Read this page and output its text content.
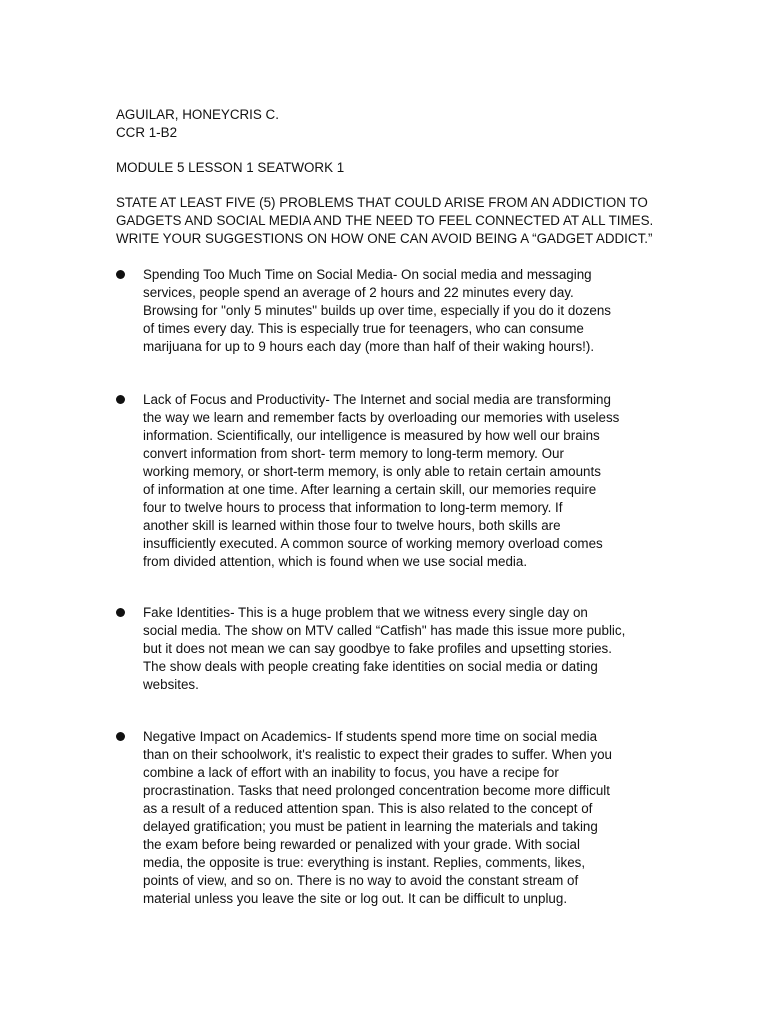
AGUILAR, HONEYCRIS C.
CCR 1-B2
MODULE 5 LESSON 1 SEATWORK 1
STATE AT LEAST FIVE (5) PROBLEMS THAT COULD ARISE FROM AN ADDICTION TO
GADGETS AND SOCIAL MEDIA AND THE NEED TO FEEL CONNECTED AT ALL TIMES.
WRITE YOUR SUGGESTIONS ON HOW ONE CAN AVOID BEING A “GADGET ADDICT.”
Spending Too Much Time on Social Media- On social media and messaging
services, people spend an average of 2 hours and 22 minutes every day.
Browsing for "only 5 minutes" builds up over time, especially if you do it dozens
of times every day. This is especially true for teenagers, who can consume
marijuana for up to 9 hours each day (more than half of their waking hours!).
Lack of Focus and Productivity- The Internet and social media are transforming
the way we learn and remember facts by overloading our memories with useless
information. Scientifically, our intelligence is measured by how well our brains
convert information from short- term memory to long-term memory. Our
working memory, or short-term memory, is only able to retain certain amounts
of information at one time. After learning a certain skill, our memories require
four to twelve hours to process that information to long-term memory. If
another skill is learned within those four to twelve hours, both skills are
insufficiently executed. A common source of working memory overload comes
from divided attention, which is found when we use social media.
Fake Identities- This is a huge problem that we witness every single day on
social media. The show on MTV called “Catfish" has made this issue more public,
but it does not mean we can say goodbye to fake profiles and upsetting stories.
The show deals with people creating fake identities on social media or dating
websites.
Negative Impact on Academics- If students spend more time on social media
than on their schoolwork, it's realistic to expect their grades to suffer. When you
combine a lack of effort with an inability to focus, you have a recipe for
procrastination. Tasks that need prolonged concentration become more difficult
as a result of a reduced attention span. This is also related to the concept of
delayed gratification; you must be patient in learning the materials and taking
the exam before being rewarded or penalized with your grade. With social
media, the opposite is true: everything is instant. Replies, comments, likes,
points of view, and so on. There is no way to avoid the constant stream of
material unless you leave the site or log out. It can be difficult to unplug.
